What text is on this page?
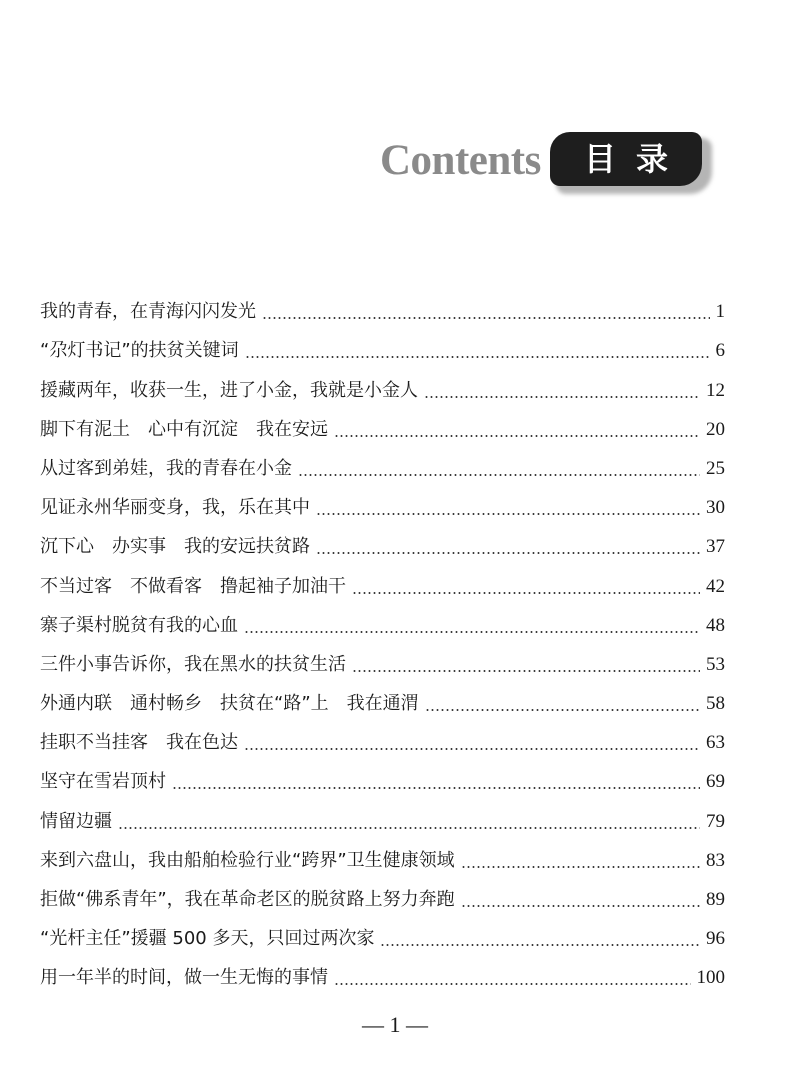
Contents	目录
我的青春，在青海闪闪发光	1
“尕灯书记”的扶贫关键词	6
援藏两年，收获一生，进了小金，我就是小金人	12
脚下有泥土　心中有沉淀　我在安远	20
从过客到弟娃，我的青春在小金	25
见证永州华丽变身，我，乐在其中	30
沉下心　办实事　我的安远扶贫路	37
不当过客　不做看客　撸起袖子加油干	42
寨子渠村脱贫有我的心血	48
三件小事告诉你，我在黑水的扶贫生活	53
外通内联　通村畅乡　扶贫在“路”上　我在通渭	58
挂职不当挂客　我在色达	63
坚守在雪岩顶村	69
情留边疆	79
来到六盘山，我由船舶检验行业“跨界”卫生健康领域	83
拒做“佛系青年”，我在革命老区的脱贫路上努力奔跑	89
“光杆主任”援疆 500 多天，只回过两次家	96
用一年半的时间，做一生无悔的事情	100
— 1 —
